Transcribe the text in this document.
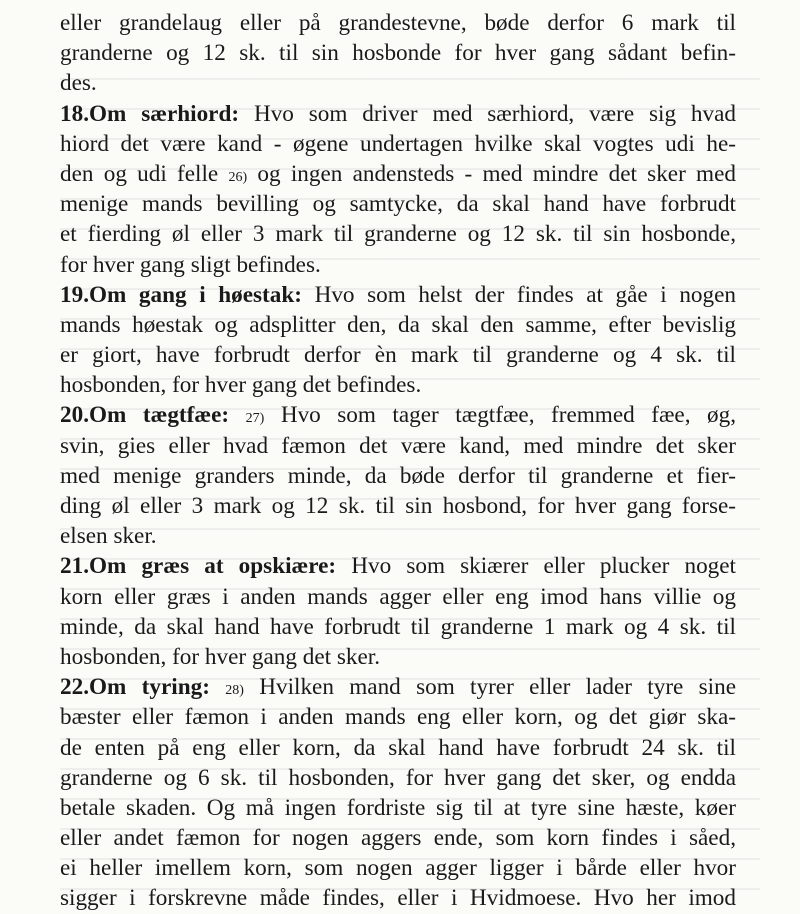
eller grandelaug eller på grandestevne, bøde derfor 6 mark til
granderne og 12 sk. til sin hosbonde for hver gang sådant befin-
des.
18.Om særhiord: Hvo som driver med særhiord, være sig hvad
hiord det være kand - øgene undertagen hvilke skal vogtes udi he-
den og udi felle 26) og ingen andensteds - med mindre det sker med
menige mands bevilling og samtycke, da skal hand have forbrudt
et fierding øl eller 3 mark til granderne og 12 sk. til sin hosbonde,
for hver gang sligt befindes.
19.Om gang i høestak: Hvo som helst der findes at gåe i nogen
mands høestak og adsplitter den, da skal den samme, efter bevislig
er giort, have forbrudt derfor èn mark til granderne og 4 sk. til
hosbonden, for hver gang det befindes.
20.Om tægtfæe: 27) Hvo som tager tægtfæe, fremmed fæe, øg,
svin, gies eller hvad fæmon det være kand, med mindre det sker
med menige granders minde, da bøde derfor til granderne et fier-
ding øl eller 3 mark og 12 sk. til sin hosbond, for hver gang forse-
elsen sker.
21.Om græs at opskiære: Hvo som skiærer eller plucker noget
korn eller græs i anden mands agger eller eng imod hans villie og
minde, da skal hand have forbrudt til granderne 1 mark og 4 sk. til
hosbonden, for hver gang det sker.
22.Om tyring: 28) Hvilken mand som tyrer eller lader tyre sine
bæster eller fæmon i anden mands eng eller korn, og det giør ska-
de enten på eng eller korn, da skal hand have forbrudt 24 sk. til
granderne og 6 sk. til hosbonden, for hver gang det sker, og endda
betale skaden. Og må ingen fordriste sig til at tyre sine hæste, køer
eller andet fæmon for nogen aggers ende, som korn findes i såed,
ei heller imellem korn, som nogen agger ligger i bårde eller hvor
sigger i forskrevne måde findes, eller i Hvidmoese. Hvo her imod
